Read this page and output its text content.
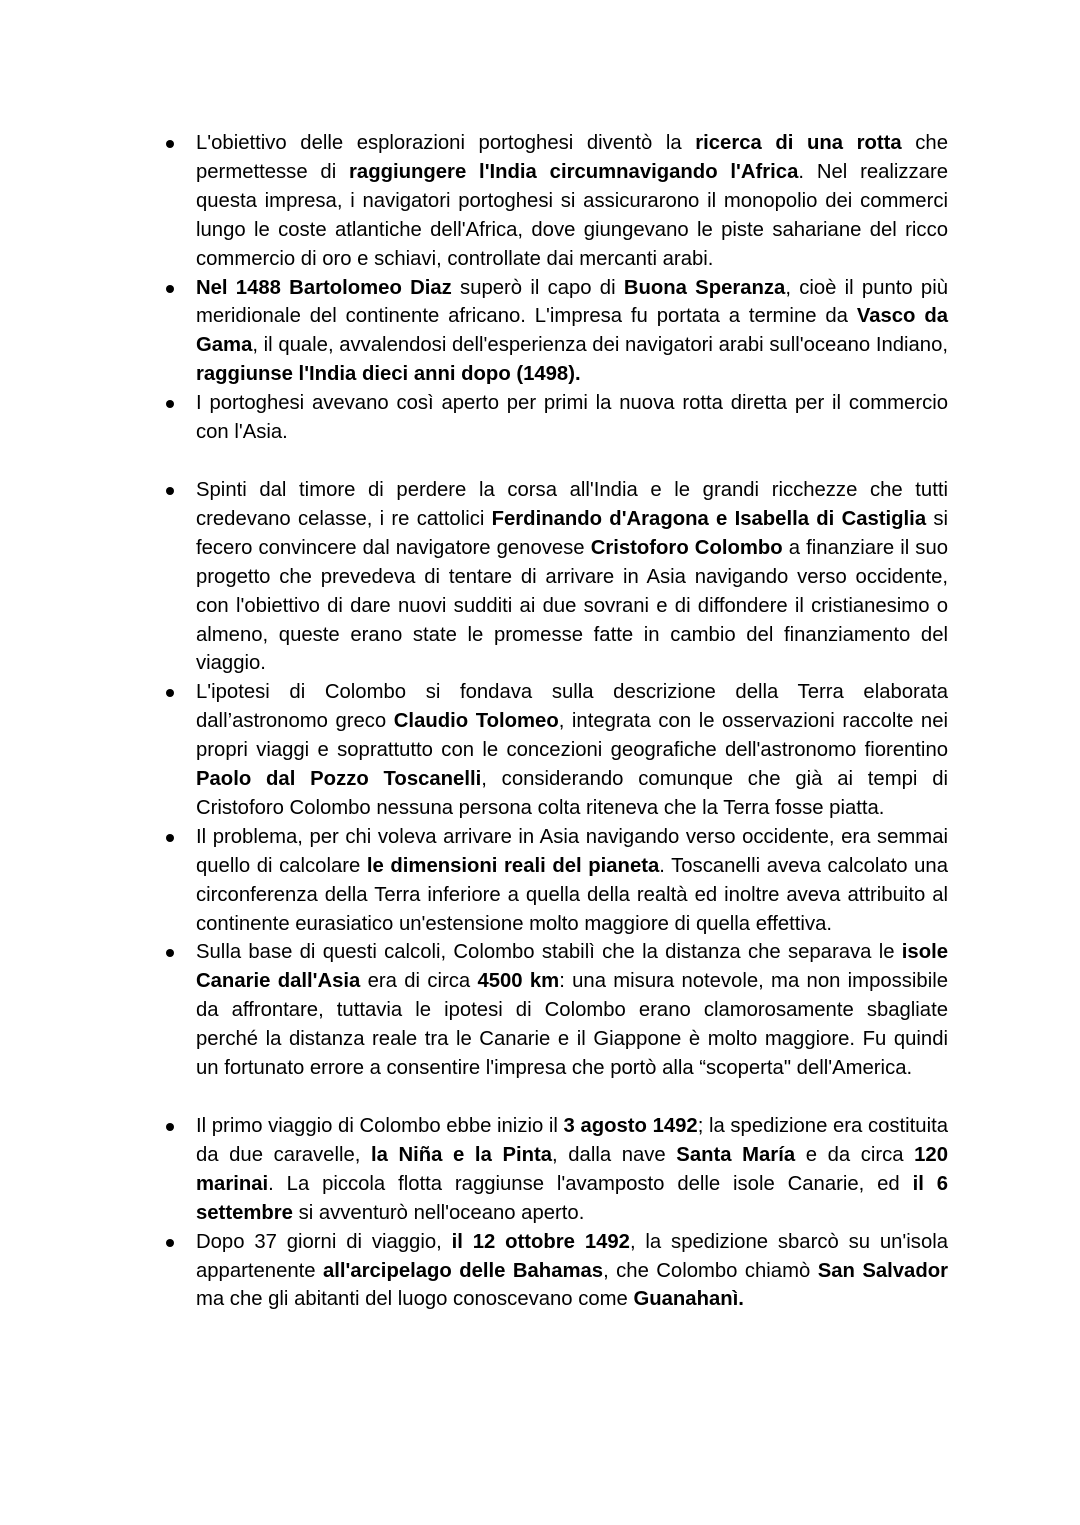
L'obiettivo delle esplorazioni portoghesi diventò la ricerca di una rotta che permettesse di raggiungere l'India circumnavigando l'Africa. Nel realizzare questa impresa, i navigatori portoghesi si assicurarono il monopolio dei commerci lungo le coste atlantiche dell'Africa, dove giungevano le piste sahariane del ricco commercio di oro e schiavi, controllate dai mercanti arabi.
Nel 1488 Bartolomeo Diaz superò il capo di Buona Speranza, cioè il punto più meridionale del continente africano. L'impresa fu portata a termine da Vasco da Gama, il quale, avvalendosi dell'esperienza dei navigatori arabi sull'oceano Indiano, raggiunse l'India dieci anni dopo (1498).
I portoghesi avevano così aperto per primi la nuova rotta diretta per il commercio con l'Asia.
Spinti dal timore di perdere la corsa all'India e le grandi ricchezze che tutti credevano celasse, i re cattolici Ferdinando d'Aragona e Isabella di Castiglia si fecero convincere dal navigatore genovese Cristoforo Colombo a finanziare il suo progetto che prevedeva di tentare di arrivare in Asia navigando verso occidente, con l'obiettivo di dare nuovi sudditi ai due sovrani e di diffondere il cristianesimo o almeno, queste erano state le promesse fatte in cambio del finanziamento del viaggio.
L'ipotesi di Colombo si fondava sulla descrizione della Terra elaborata dall’astronomo greco Claudio Tolomeo, integrata con le osservazioni raccolte nei propri viaggi e soprattutto con le concezioni geografiche dell'astronomo fiorentino Paolo dal Pozzo Toscanelli, considerando comunque che già ai tempi di Cristoforo Colombo nessuna persona colta riteneva che la Terra fosse piatta.
Il problema, per chi voleva arrivare in Asia navigando verso occidente, era semmai quello di calcolare le dimensioni reali del pianeta. Toscanelli aveva calcolato una circonferenza della Terra inferiore a quella della realtà ed inoltre aveva attribuito al continente eurasiatico un'estensione molto maggiore di quella effettiva.
Sulla base di questi calcoli, Colombo stabilì che la distanza che separava le isole Canarie dall'Asia era di circa 4500 km: una misura notevole, ma non impossibile da affrontare, tuttavia le ipotesi di Colombo erano clamorosamente sbagliate perché la distanza reale tra le Canarie e il Giappone è molto maggiore. Fu quindi un fortunato errore a consentire l'impresa che portò alla “scoperta" dell'America.
Il primo viaggio di Colombo ebbe inizio il 3 agosto 1492; la spedizione era costituita da due caravelle, la Niña e la Pinta, dalla nave Santa María e da circa 120 marinai. La piccola flotta raggiunse l'avamposto delle isole Canarie, ed il 6 settembre si avventurò nell'oceano aperto.
Dopo 37 giorni di viaggio, il 12 ottobre 1492, la spedizione sbarcò su un'isola appartenente all'arcipelago delle Bahamas, che Colombo chiamò San Salvador ma che gli abitanti del luogo conoscevano come Guanahanì.
